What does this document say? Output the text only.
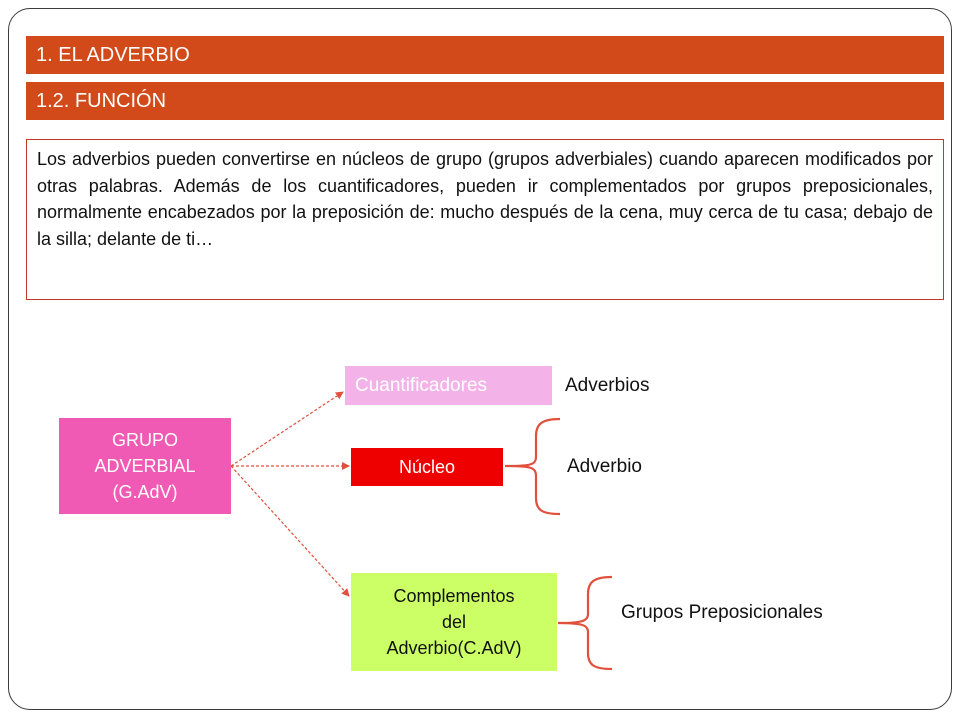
1. EL ADVERBIO
1.2. FUNCIÓN
Los adverbios pueden convertirse en núcleos de grupo (grupos adverbiales) cuando aparecen modificados por otras palabras. Además de los cuantificadores, pueden ir complementados por grupos preposicionales, normalmente encabezados por la preposición de: mucho después de la cena, muy cerca de tu casa; debajo de la silla; delante de ti…
GRUPO
ADVERBIAL
(G.AdV)
Cuantificadores
Núcleo
Complementos
del
Adverbio(C.AdV)
Adverbios
Adverbio
Grupos Preposicionales
